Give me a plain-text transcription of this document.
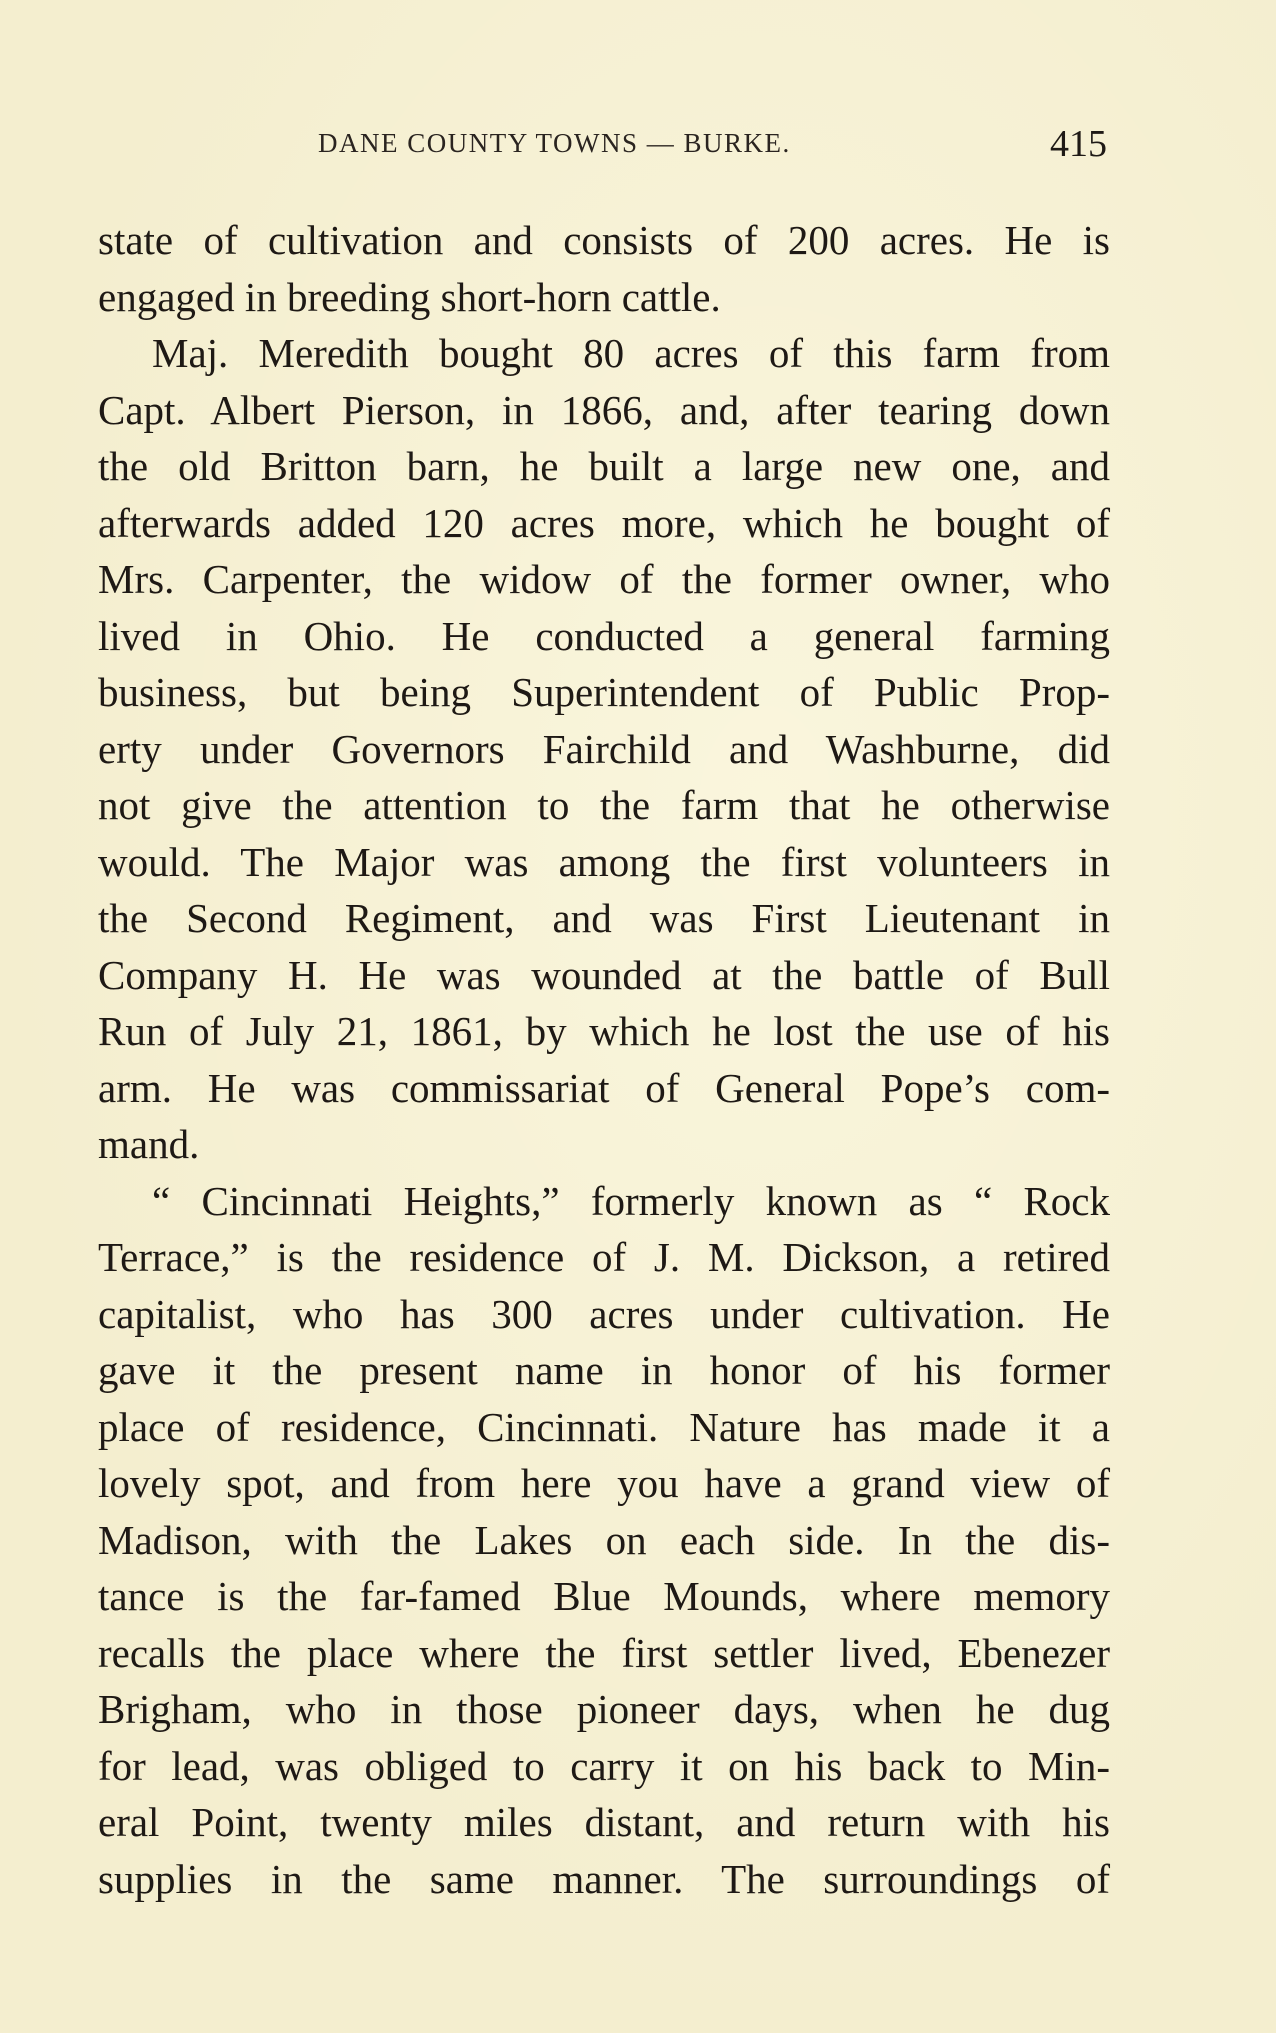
DANE COUNTY TOWNS — BURKE.	415
state of cultivation and consists of 200 acres. He is
engaged in breeding short-horn cattle.
Maj. Meredith bought 80 acres of this farm from
Capt. Albert Pierson, in 1866, and, after tearing down
the old Britton barn, he built a large new one, and
afterwards added 120 acres more, which he bought of
Mrs. Carpenter, the widow of the former owner, who
lived in Ohio. He conducted a general farming
business, but being Superintendent of Public Prop-
erty under Governors Fairchild and Washburne, did
not give the attention to the farm that he otherwise
would. The Major was among the first volunteers in
the Second Regiment, and was First Lieutenant in
Company H. He was wounded at the battle of Bull
Run of July 21, 1861, by which he lost the use of his
arm. He was commissariat of General Pope’s com-
mand.
“ Cincinnati Heights,” formerly known as “ Rock
Terrace,” is the residence of J. M. Dickson, a retired
capitalist, who has 300 acres under cultivation. He
gave it the present name in honor of his former
place of residence, Cincinnati. Nature has made it a
lovely spot, and from here you have a grand view of
Madison, with the Lakes on each side. In the dis-
tance is the far-famed Blue Mounds, where memory
recalls the place where the first settler lived, Ebenezer
Brigham, who in those pioneer days, when he dug
for lead, was obliged to carry it on his back to Min-
eral Point, twenty miles distant, and return with his
supplies in the same manner. The surroundings of
